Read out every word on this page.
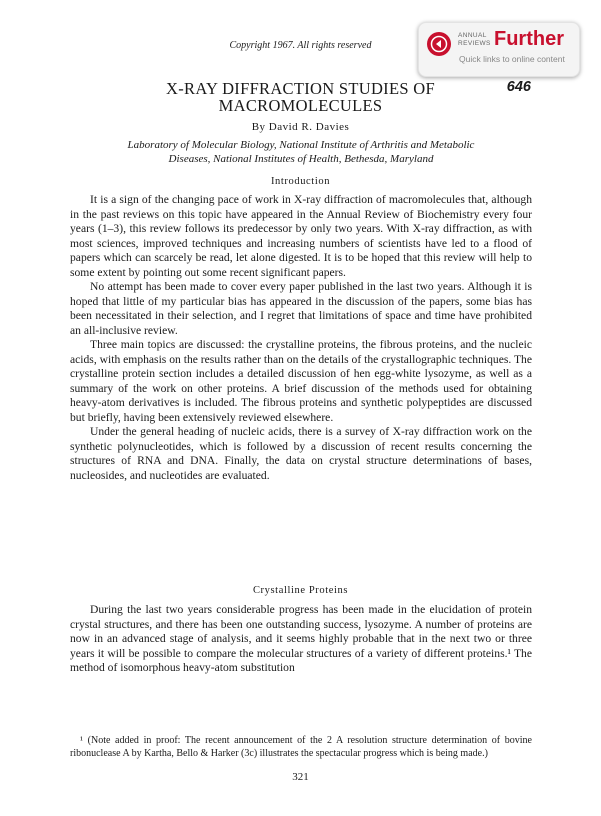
Copyright 1967. All rights reserved
ANNUAL
REVIEWS Further
Quick links to online content
646
X-RAY DIFFRACTION STUDIES OF
MACROMOLECULES
By David R. Davies
Laboratory of Molecular Biology, National Institute of Arthritis and Metabolic
Diseases, National Institutes of Health, Bethesda, Maryland
Introduction

It is a sign of the changing pace of work in X-ray diffraction of macromolecules that, although in the past reviews on this topic have appeared in the Annual Review of Biochemistry every four years (1–3), this review follows its predecessor by only two years. With X-ray diffraction, as with most sciences, improved techniques and increasing numbers of scientists have led to a flood of papers which can scarcely be read, let alone digested. It is to be hoped that this review will help to some extent by pointing out some recent significant papers.

No attempt has been made to cover every paper published in the last two years. Although it is hoped that little of my particular bias has appeared in the discussion of the papers, some bias has been necessitated in their selection, and I regret that limitations of space and time have prohibited an all-inclusive review.

Three main topics are discussed: the crystalline proteins, the fibrous proteins, and the nucleic acids, with emphasis on the results rather than on the details of the crystallographic techniques. The crystalline protein section includes a detailed discussion of hen egg-white lysozyme, as well as a summary of the work on other proteins. A brief discussion of the methods used for obtaining heavy-atom derivatives is included. The fibrous proteins and synthetic polypeptides are discussed but briefly, having been extensively reviewed elsewhere.

Under the general heading of nucleic acids, there is a survey of X-ray diffraction work on the synthetic polynucleotides, which is followed by a discussion of recent results concerning the structures of RNA and DNA. Finally, the data on crystal structure determinations of bases, nucleosides, and nucleotides are evaluated.

Crystalline Proteins

During the last two years considerable progress has been made in the elucidation of protein crystal structures, and there has been one outstanding success, lysozyme. A number of proteins are now in an advanced stage of analysis, and it seems highly probable that in the next two or three years it will be possible to compare the molecular structures of a variety of different proteins.¹ The method of isomorphous heavy-atom substitution

¹ (Note added in proof: The recent announcement of the 2 A resolution structure determination of bovine ribonuclease A by Kartha, Bello & Harker (3c) illustrates the spectacular progress which is being made.)
321
